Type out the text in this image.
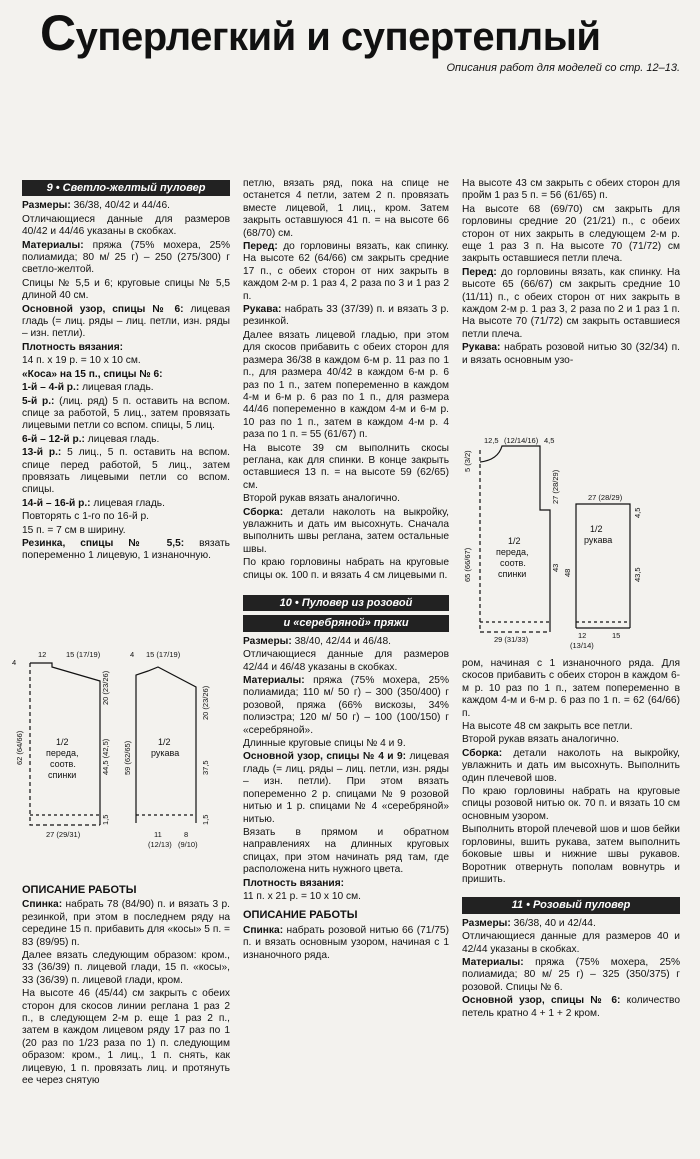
Суперлегкий и супертеплый
Описания работ для моделей со стр. 12–13.
9 • Светло-желтый пуловер

Размеры: 36/38, 40/42 и 44/46.

Отличающиеся данные для размеров 40/42 и 44/46 указаны в скобках.

Материалы: пряжа (75% мохера, 25% полиамида; 80 м/ 25 г) – 250 (275/300) г светло-желтой.

Спицы № 5,5 и 6; круговые спицы № 5,5 длиной 40 см.

Основной узор, спицы № 6: лицевая гладь (= лиц. ряды – лиц. петли, изн. ряды – изн. петли).

Плотность вязания:

14 п. х 19 р. = 10 х 10 см.

«Коса» на 15 п., спицы № 6:

1-й – 4-й р.: лицевая гладь.

5-й р.: (лиц. ряд) 5 п. оставить на вспом. спице за работой, 5 лиц., затем провязать лицевыми петли со вспом. спицы, 5 лиц.

6-й – 12-й р.: лицевая гладь.

13-й р.: 5 лиц., 5 п. оставить на вспом. спице перед работой, 5 лиц., затем провязать лицевыми петли со вспом. спицы.

14-й – 16-й р.: лицевая гладь.

Повторять с 1-го по 16-й р.

15 п. = 7 см в ширину.

Резинка, спицы № 5,5: вязать попеременно 1 лицевую, 1 изнаночную.

12	15 (17/19)
4
62 (64/66)
20 (23/26)
44,5 (42,5)
1,5
27 (29/31)
1/2
переда,
соотв.
спинки
4 15 (17/19)
59 (62/65)
20 (23/26)
37,5
1,5
1/2
рукава
11	8
(12/13) (9/10)
ОПИСАНИЕ РАБОТЫ

Спинка: набрать 78 (84/90) п. и вязать 3 р. резинкой, при этом в последнем ряду на середине 15 п. прибавить для «косы» 5 п. = 83 (89/95) п.

Далее вязать следующим образом: кром., 33 (36/39) п. лицевой глади, 15 п. «косы», 33 (36/39) п. лицевой глади, кром.

На высоте 46 (45/44) см закрыть с обеих сторон для скосов линии реглана 1 раз 2 п., в следующем 2-м р. еще 1 раз 2 п., затем в каждом лицевом ряду 17 раз по 1 (20 раз по 1/23 раза по 1) п. следующим образом: кром., 1 лиц., 1 п. снять, как лицевую, 1 п. провязать лиц. и протянуть ее через снятую

петлю, вязать ряд, пока на спице не останется 4 петли, затем 2 п. провязать вместе лицевой, 1 лиц., кром. Затем закрыть оставшуюся 41 п. = на высоте 66 (68/70) см.

Перед: до горловины вязать, как спинку. На высоте 62 (64/66) см закрыть средние 17 п., с обеих сторон от них закрыть в каждом 2-м р. 1 раз 4, 2 раза по 3 и 1 раз 2 п.

Рукава: набрать 33 (37/39) п. и вязать 3 р. резинкой.

Далее вязать лицевой гладью, при этом для скосов прибавить с обеих сторон для размера 36/38 в каждом 6-м р. 11 раз по 1 п., для размера 40/42 в каждом 6-м р. 6 раз по 1 п., затем попеременно в каждом 4-м и 6-м р. 6 раз по 1 п., для размера 44/46 попеременно в каждом 4-м и 6-м р. 10 раз по 1 п., затем в каждом 4-м р. 4 раза по 1 п. = 55 (61/67) п.

На высоте 39 см выполнить скосы реглана, как для спинки. В конце закрыть оставшиеся 13 п. = на высоте 59 (62/65) см.

Второй рукав вязать аналогично.

Сборка: детали наколоть на выкройку, увлажнить и дать им высохнуть. Сначала выполнить швы реглана, затем остальные швы.

По краю горловины набрать на круговые спицы ок. 100 п. и вязать 4 см лицевыми п.

10 • Пуловер из розовой
и «серебряной» пряжи

Размеры: 38/40, 42/44 и 46/48.

Отличающиеся данные для размеров 42/44 и 46/48 указаны в скобках.

Материалы: пряжа (75% мохера, 25% полиамида; 110 м/ 50 г) – 300 (350/400) г розовой, пряжа (66% вискозы, 34% полиэстра; 120 м/ 50 г) – 100 (100/150) г «серебряной».

Длинные круговые спицы № 4 и 9.

Основной узор, спицы № 4 и 9: лицевая гладь (= лиц. ряды – лиц. петли, изн. ряды – изн. петли). При этом вязать попеременно 2 р. спицами № 9 розовой нитью и 1 р. спицами № 4 «серебряной» нитью.

Вязать в прямом и обратном направлениях на длинных круговых спицах, при этом начинать ряд там, где расположена нить нужного цвета.

Плотность вязания:

11 п. х 21 р. = 10 х 10 см.

ОПИСАНИЕ РАБОТЫ

Спинка: набрать розовой нитью 66 (71/75) п. и вязать основным узором, начиная с 1 изнаночного ряда.

На высоте 43 см закрыть с обеих сторон для пройм 1 раз 5 п. = 56 (61/65) п.

На высоте 68 (69/70) см закрыть для горловины средние 20 (21/21) п., с обеих сторон от них закрыть в следующем 2-м р. еще 1 раз 3 п. На высоте 70 (71/72) см закрыть оставшиеся петли плеча.

Перед: до горловины вязать, как спинку. На высоте 65 (66/67) см закрыть средние 10 (11/11) п., с обеих сторон от них закрыть в каждом 2-м р. 1 раз 3, 2 раза по 2 и 1 раз 1 п. На высоте 70 (71/72) см закрыть оставшиеся петли плеча.

Рукава: набрать розовой нитью 30 (32/34) п. и вязать основным узо-

12,5 (12/14/16) 4,5
5 (3/2)
65 (66/67)
27 (28/29)
43
29 (31/33)
1/2
переда,
соотв.
спинки
27 (28/29)
4,5
43,5
48
1/2
рукава
12	15
(13/14)

ром, начиная с 1 изнаночного ряда. Для скосов прибавить с обеих сторон в каждом 6-м р. 10 раз по 1 п., затем попеременно в каждом 4-м и 6-м р. 6 раз по 1 п. = 62 (64/66) п.

На высоте 48 см закрыть все петли.

Второй рукав вязать аналогично.

Сборка: детали наколоть на выкройку, увлажнить и дать им высохнуть. Выполнить один плечевой шов.

По краю горловины набрать на круговые спицы розовой нитью ок. 70 п. и вязать 10 см основным узором.

Выполнить второй плечевой шов и шов бейки горловины, вшить рукава, затем выполнить боковые швы и нижние швы рукавов. Воротник отвернуть пополам вовнутрь и пришить.

11 • Розовый пуловер

Размеры: 36/38, 40 и 42/44.

Отличающиеся данные для размеров 40 и 42/44 указаны в скобках.

Материалы: пряжа (75% мохера, 25% полиамида; 80 м/ 25 г) – 325 (350/375) г розовой. Спицы № 6.

Основной узор, спицы № 6: количество петель кратно 4 + 1 + 2 кром.
